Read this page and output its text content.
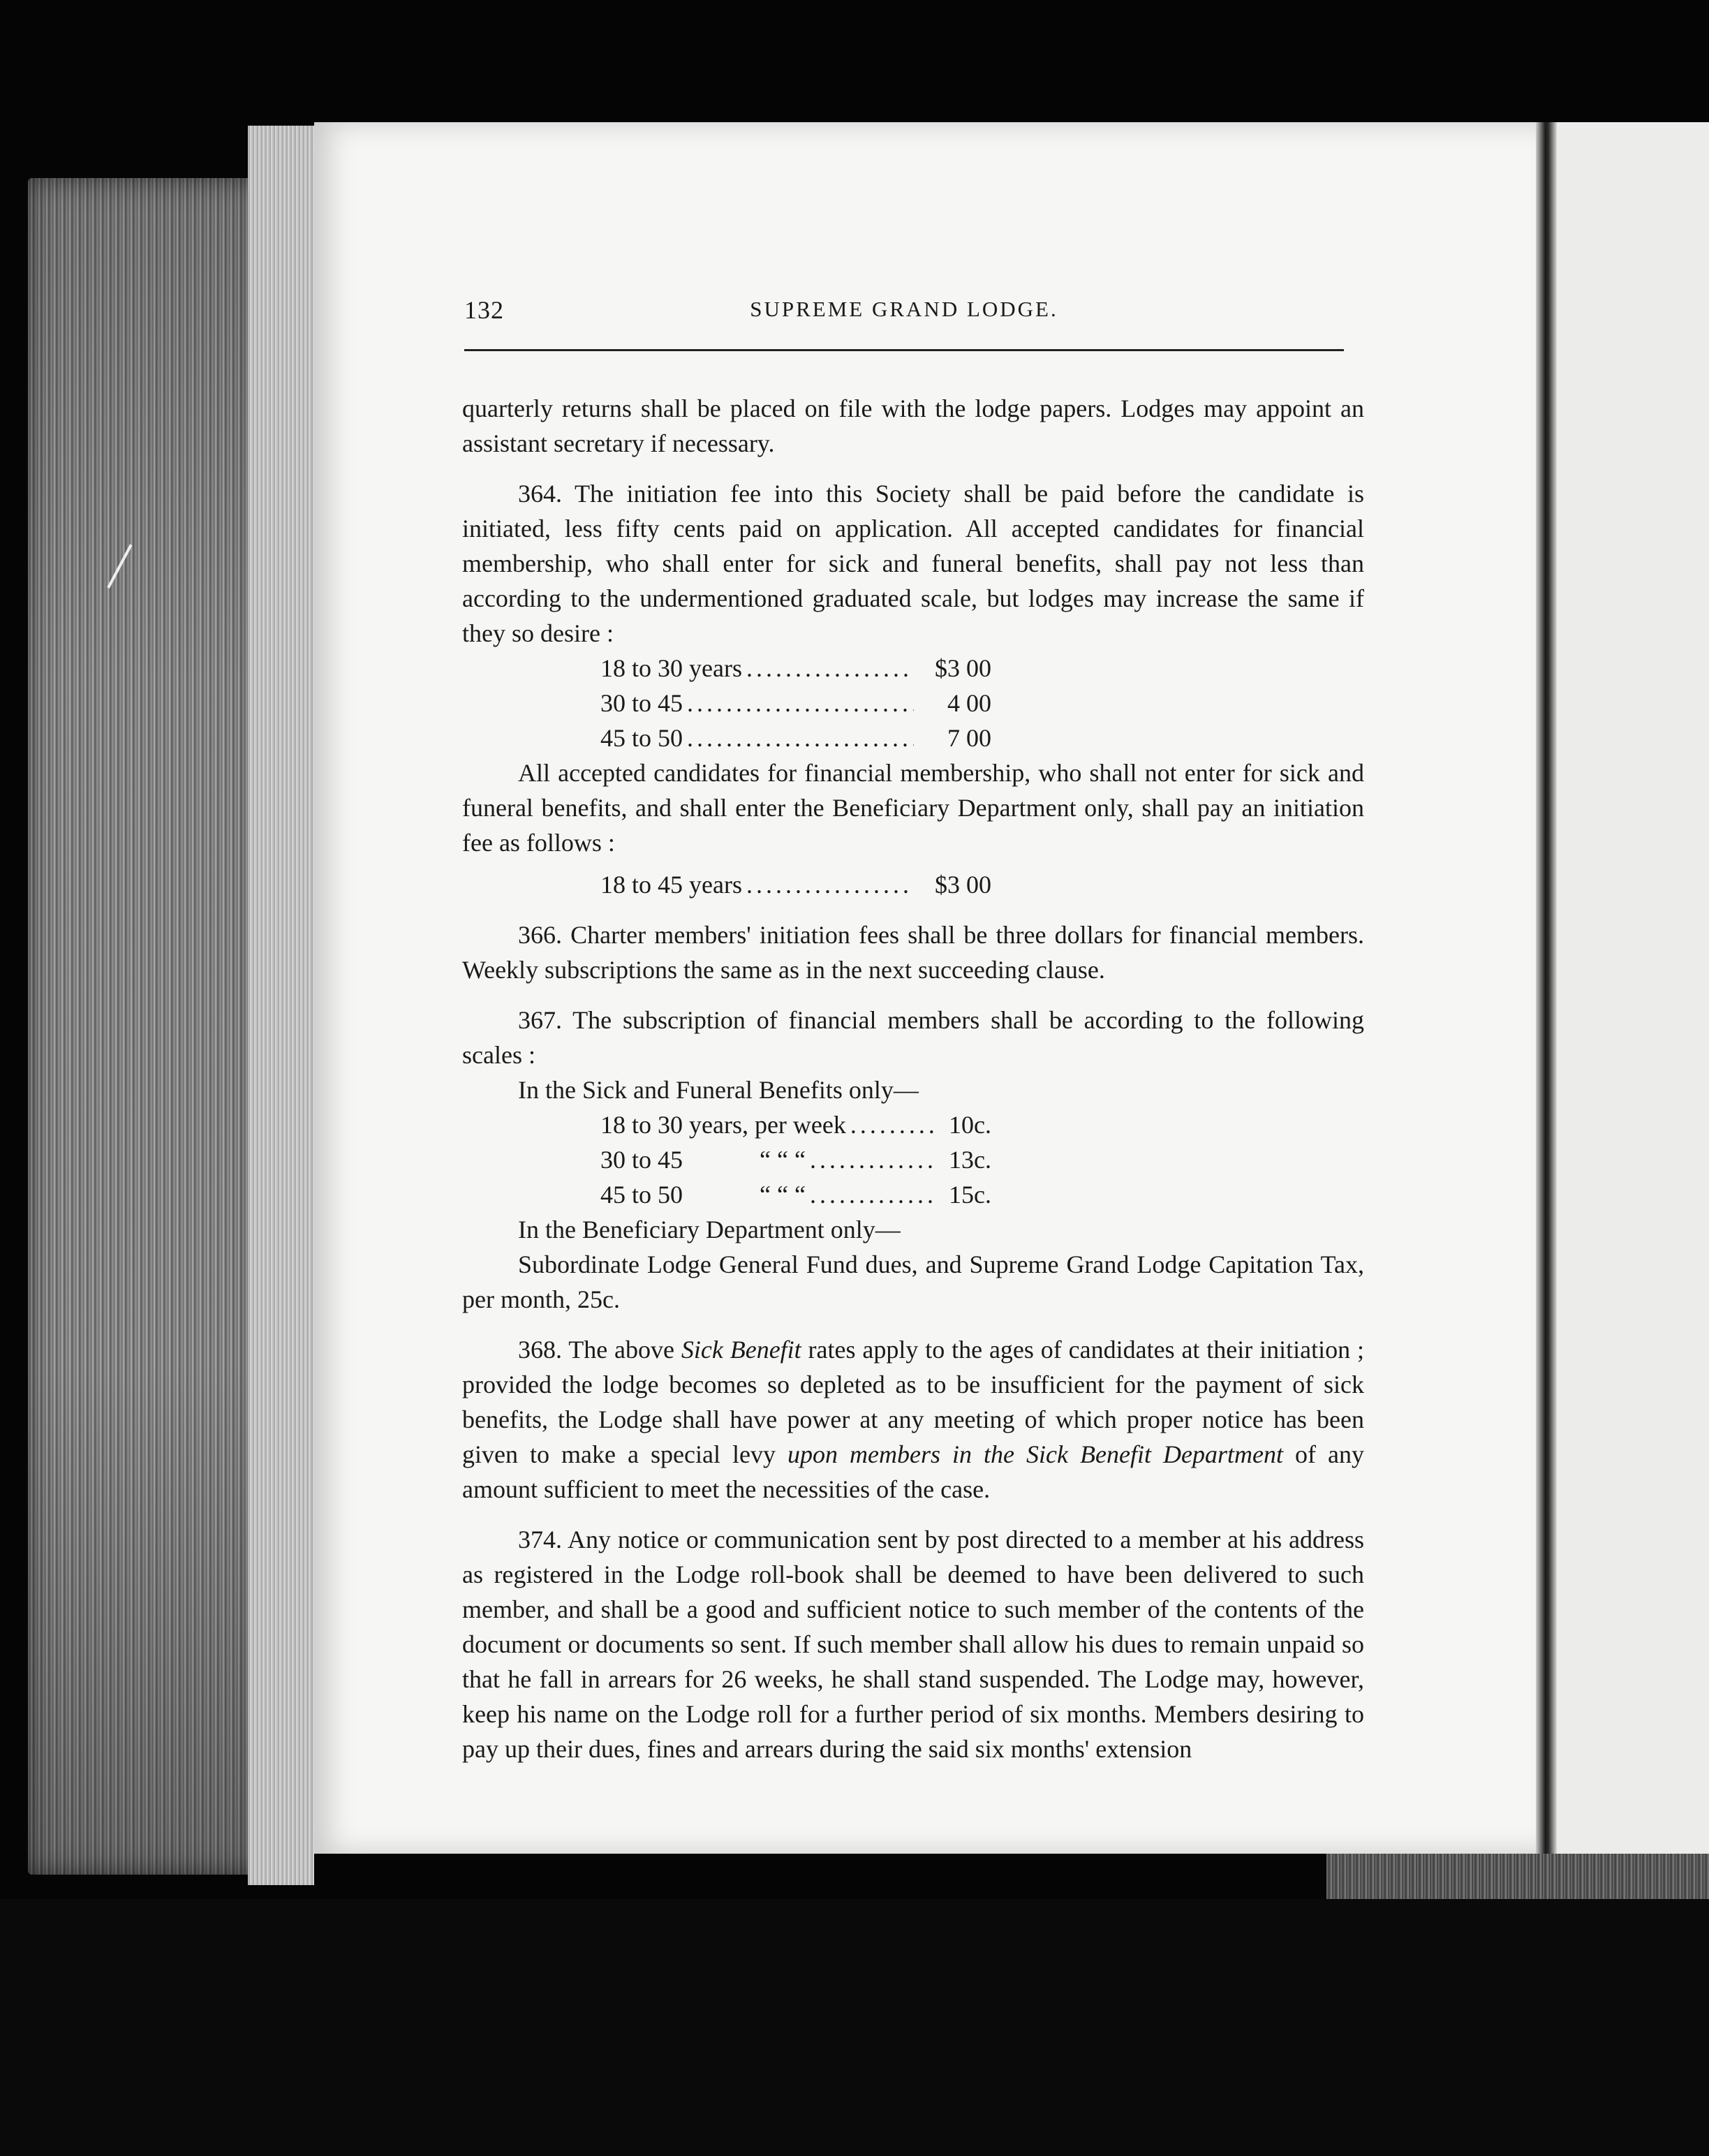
132	SUPREME GRAND LODGE.

quarterly returns shall be placed on file with the lodge papers. Lodges may appoint an assistant secretary if necessary.

364. The initiation fee into this Society shall be paid before the candidate is initiated, less fifty cents paid on application. All accepted candidates for financial membership, who shall enter for sick and funeral benefits, shall pay not less than according to the undermentioned graduated scale, but lodges may increase the same if they so desire :

18 to 30 years . . .	$3 00
30 to 45 . . .	4 00
45 to 50 . . .	7 00

All accepted candidates for financial membership, who shall not enter for sick and funeral benefits, and shall enter the Beneficiary Department only, shall pay an initiation fee as follows :

18 to 45 years . . .	$3 00

366. Charter members' initiation fees shall be three dollars for financial members. Weekly subscriptions the same as in the next succeeding clause.

367. The subscription of financial members shall be according to the following scales :

In the Sick and Funeral Benefits only—
18 to 30 years, per week . . .	10c.
30 to 45	“ “ “ . . .	13c.
45 to 50	“ “ “ . . .	15c.
In the Beneficiary Department only—

Subordinate Lodge General Fund dues, and Supreme Grand Lodge Capitation Tax, per month, 25c.

368. The above Sick Benefit rates apply to the ages of candidates at their initiation ; provided the lodge becomes so depleted as to be insufficient for the payment of sick benefits, the Lodge shall have power at any meeting of which proper notice has been given to make a special levy upon members in the Sick Benefit Department of any amount sufficient to meet the necessities of the case.

374. Any notice or communication sent by post directed to a member at his address as registered in the Lodge roll-book shall be deemed to have been delivered to such member, and shall be a good and sufficient notice to such member of the contents of the document or documents so sent. If such member shall allow his dues to remain unpaid so that he fall in arrears for 26 weeks, he shall stand suspended. The Lodge may, however, keep his name on the Lodge roll for a further period of six months. Members desiring to pay up their dues, fines and arrears during the said six months' extension
